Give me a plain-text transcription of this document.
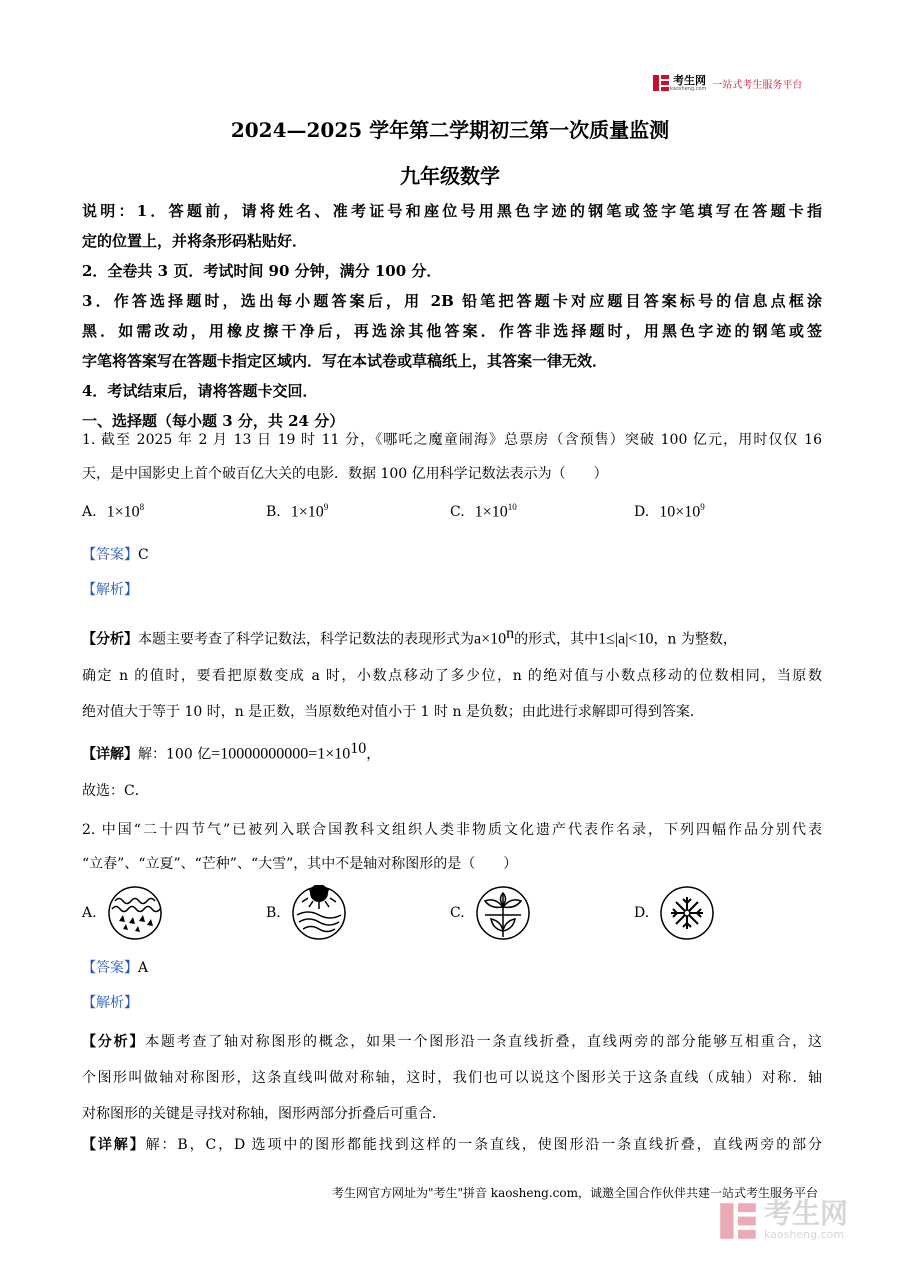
考生网
kaosheng.com 一站式考生服务平台
2024—2025 学年第二学期初三第一次质量监测
九年级数学
说明：1．答题前，请将姓名、准考证号和座位号用黑色字迹的钢笔或签字笔填写在答题卡指
定的位置上，并将条形码粘贴好．
2．全卷共 3 页．考试时间 90 分钟，满分 100 分．
3．作答选择题时，选出每小题答案后，用 2B 铅笔把答题卡对应题目答案标号的信息点框涂
黑．如需改动，用橡皮擦干净后，再选涂其他答案．作答非选择题时，用黑色字迹的钢笔或签
字笔将答案写在答题卡指定区域内．写在本试卷或草稿纸上，其答案一律无效．
4．考试结束后，请将答题卡交回．
一、选择题（每小题 3 分，共 24 分）
1. 截至 2025 年 2 月 13 日 19 时 11 分，《哪吒之魔童闹海》总票房（含预售）突破 100 亿元，用时仅仅 16
天，是中国影史上首个破百亿大关的电影．数据 100 亿用科学记数法表示为（　　）
A. $1\times 10^8$	B. $1\times 10^9$	C. $1\times 10^{10}$	D. $10\times 10^9$
【答案】C
【解析】
【分析】本题主要考查了科学记数法，科学记数法的表现形式为$a\times 10^n$的形式，其中1≤|a|<10，n 为整数，
确定 n 的值时，要看把原数变成 a 时，小数点移动了多少位，n 的绝对值与小数点移动的位数相同，当原数
绝对值大于等于 10 时，n 是正数，当原数绝对值小于 1 时 n 是负数；由此进行求解即可得到答案．
【详解】解：100 亿$=10000000000=1\times 10^{10}$，
故选：C．
2. 中国“二十四节气”已被列入联合国教科文组织人类非物质文化遗产代表作名录，下列四幅作品分别代表
“立春”、“立夏”、“芒种”、“大雪”，其中不是轴对称图形的是（　　）
A.	B.	C.	D.
【答案】A
【解析】
【分析】本题考查了轴对称图形的概念，如果一个图形沿一条直线折叠，直线两旁的部分能够互相重合，这
个图形叫做轴对称图形，这条直线叫做对称轴，这时，我们也可以说这个图形关于这条直线（成轴）对称．轴
对称图形的关键是寻找对称轴，图形两部分折叠后可重合．
【详解】解：B，C，D 选项中的图形都能找到这样的一条直线，使图形沿一条直线折叠，直线两旁的部分
考生网官方网址为"考生"拼音 kaosheng.com，诚邀全国合作伙伴共建一站式考生服务平台
考生网
kaosheng.com
